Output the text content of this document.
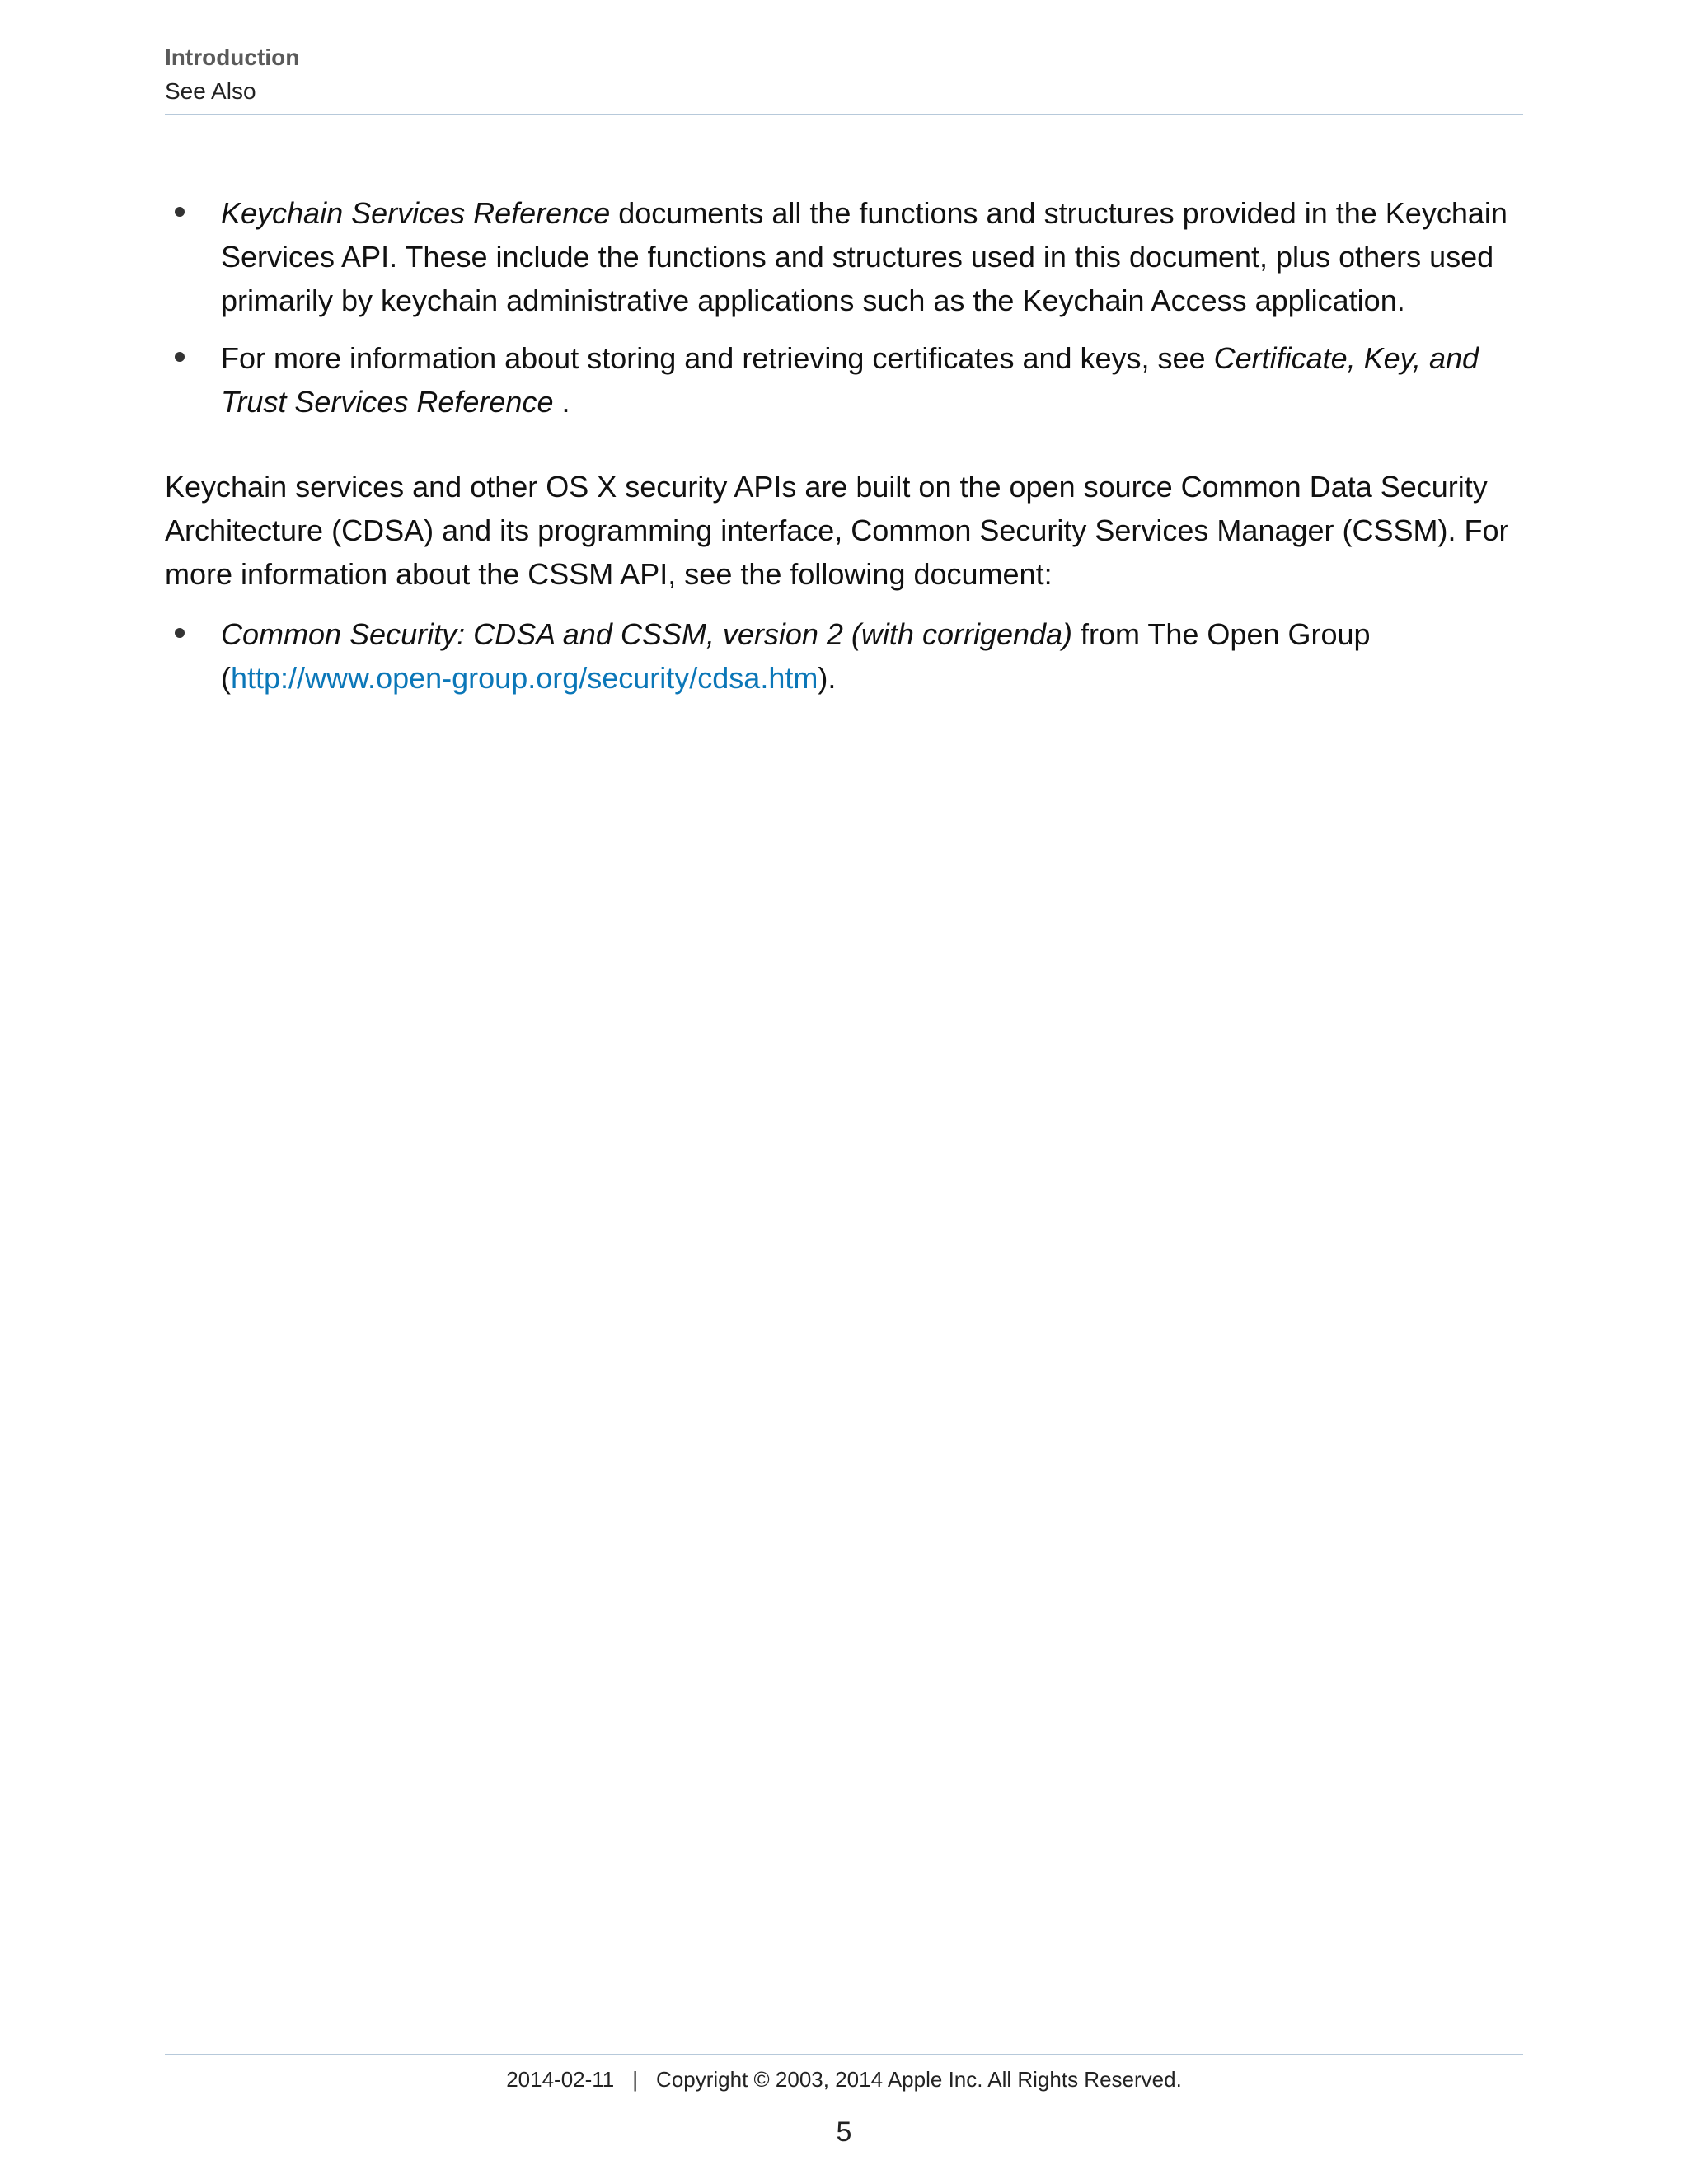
Introduction
See Also
Keychain Services Reference documents all the functions and structures provided in the Keychain Services API. These include the functions and structures used in this document, plus others used primarily by keychain administrative applications such as the Keychain Access application.
For more information about storing and retrieving certificates and keys, see Certificate, Key, and Trust Services Reference .

Keychain services and other OS X security APIs are built on the open source Common Data Security Architecture (CDSA) and its programming interface, Common Security Services Manager (CSSM). For more information about the CSSM API, see the following document:

Common Security: CDSA and CSSM, version 2 (with corrigenda) from The Open Group (http://www.open-group.org/security/cdsa.htm).
2014-02-11 | Copyright © 2003, 2014 Apple Inc. All Rights Reserved.
5
